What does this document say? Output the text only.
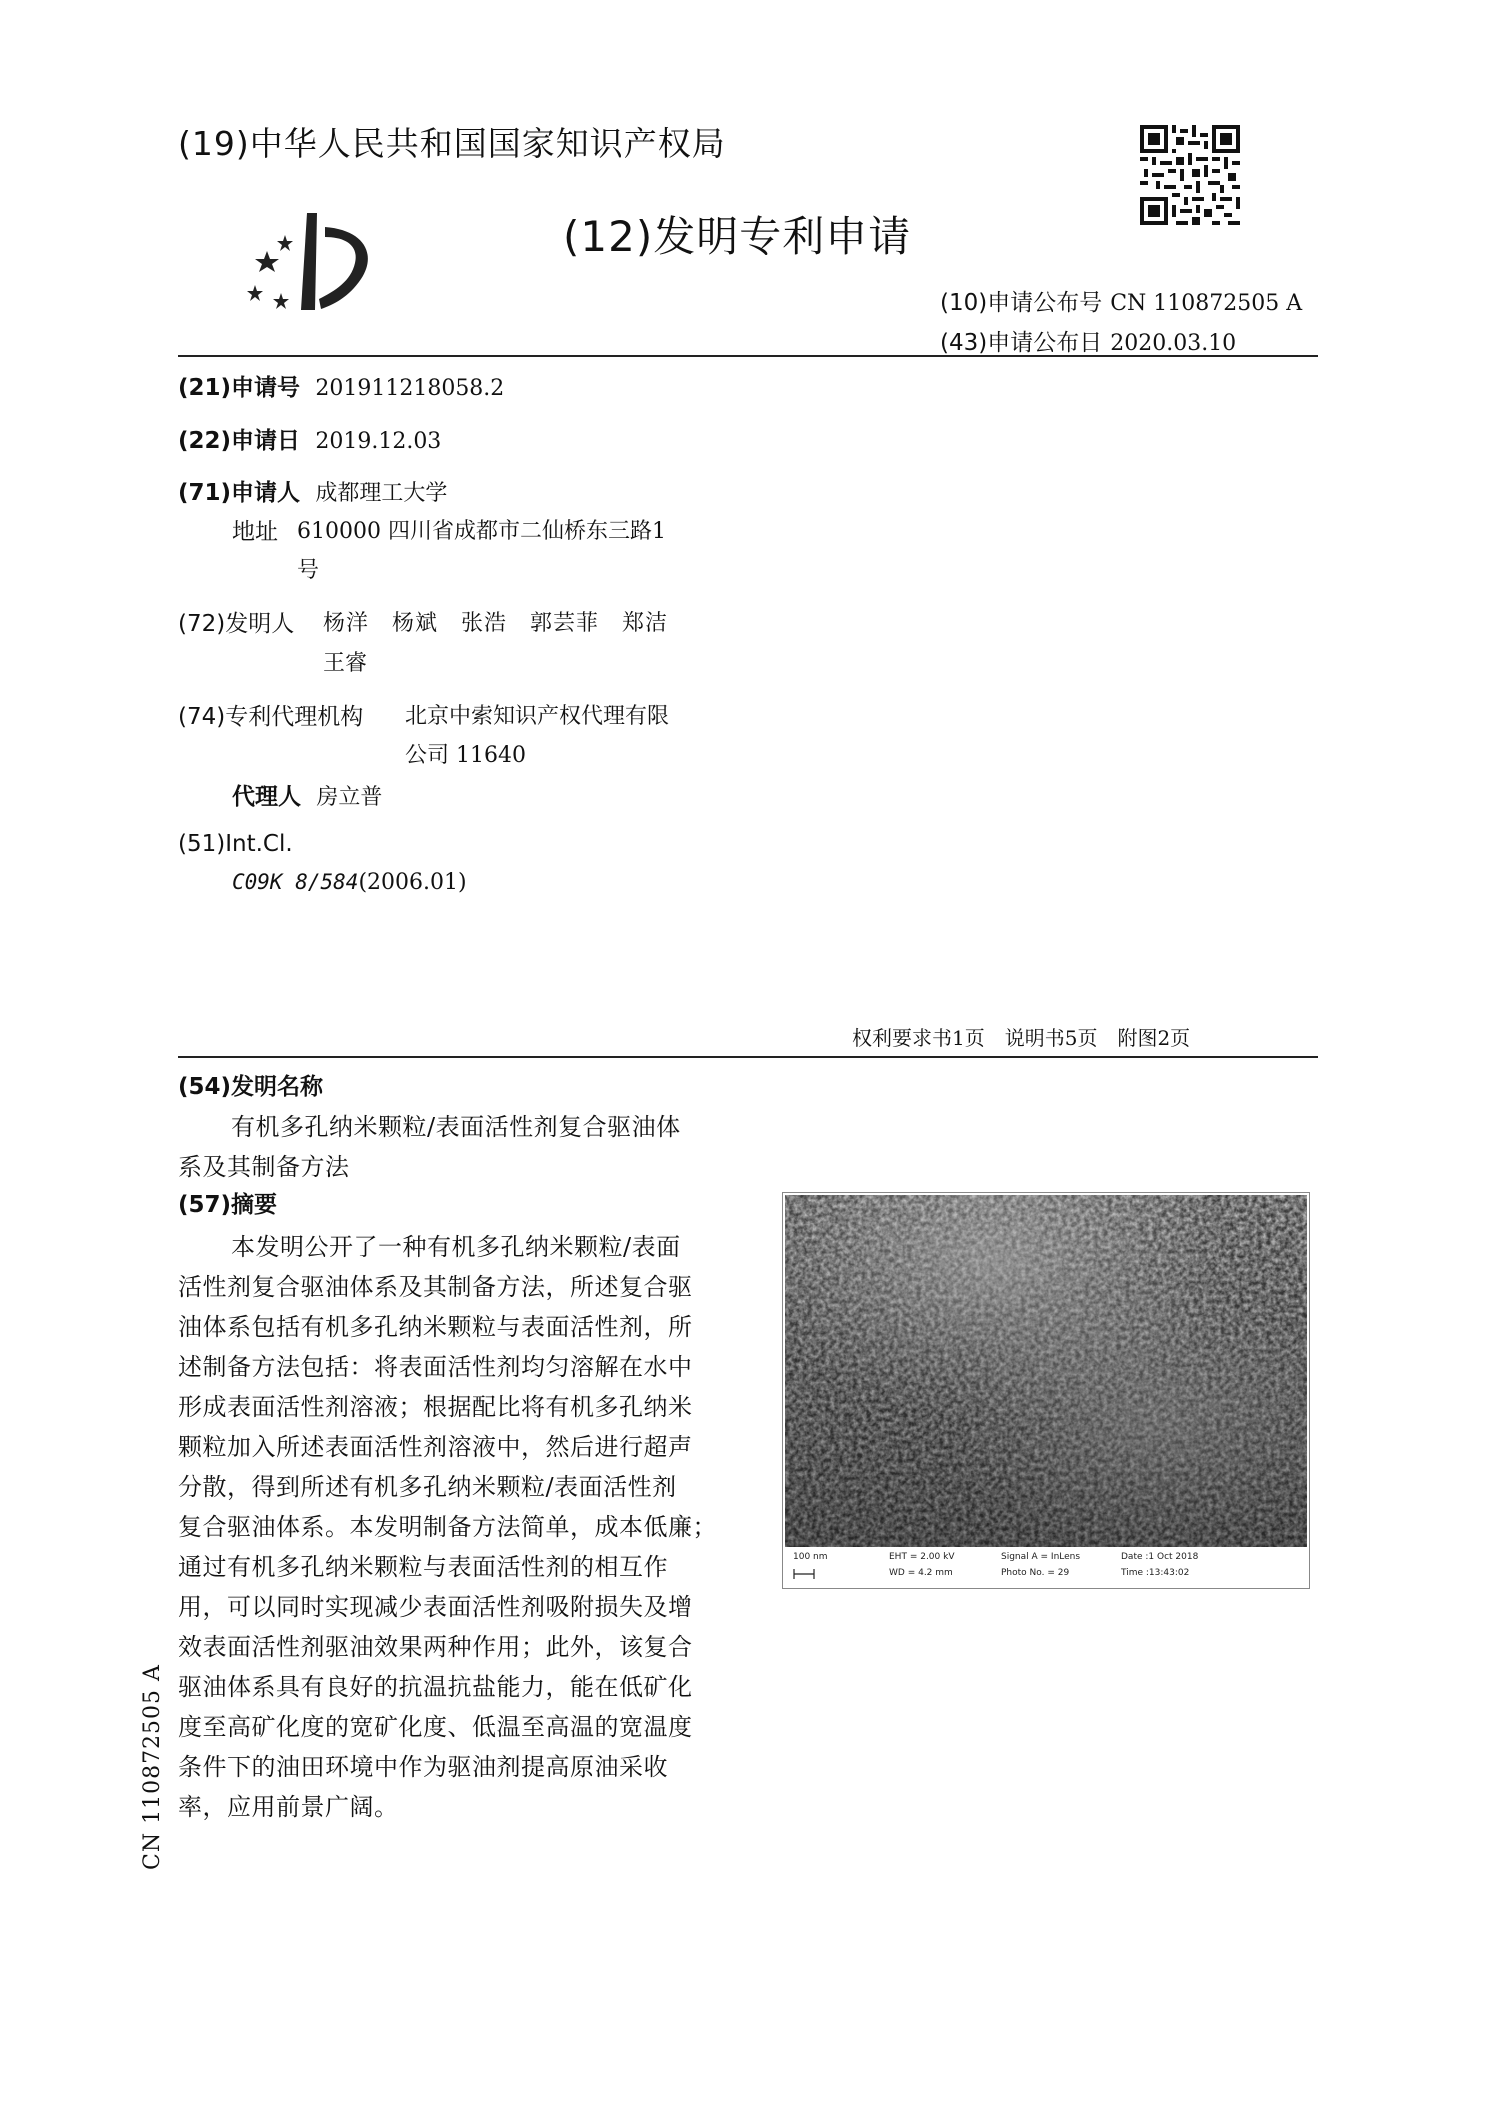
(19)中华人民共和国国家知识产权局
(12)发明专利申请
(10)申请公布号 CN 110872505 A
(43)申请公布日 2020.03.10
(21)申请号 201911218058.2
(22)申请日 2019.12.03
(71)申请人 成都理工大学
地址 610000 四川省成都市二仙桥东三路1
号
(72)发明人 杨洋　杨斌　张浩　郭芸菲　郑洁
王睿
(74)专利代理机构 北京中索知识产权代理有限
公司 11640
代理人 房立普
(51)Int.Cl.
C09K 8/584(2006.01)
权利要求书1页　说明书5页　附图2页
(54)发明名称
有机多孔纳米颗粒/表面活性剂复合驱油体
系及其制备方法
(57)摘要
本发明公开了一种有机多孔纳米颗粒/表面
活性剂复合驱油体系及其制备方法，所述复合驱
油体系包括有机多孔纳米颗粒与表面活性剂，所
述制备方法包括：将表面活性剂均匀溶解在水中
形成表面活性剂溶液；根据配比将有机多孔纳米
颗粒加入所述表面活性剂溶液中，然后进行超声
分散，得到所述有机多孔纳米颗粒/表面活性剂
复合驱油体系。本发明制备方法简单，成本低廉；
通过有机多孔纳米颗粒与表面活性剂的相互作
用，可以同时实现减少表面活性剂吸附损失及增
效表面活性剂驱油效果两种作用；此外，该复合
驱油体系具有良好的抗温抗盐能力，能在低矿化
度至高矿化度的宽矿化度、低温至高温的宽温度
条件下的油田环境中作为驱油剂提高原油采收
率，应用前景广阔。
100 nm	EHT = 2.00 kV
WD = 4.2 mm
Signal A = InLens
Photo No. = 29
Date :1 Oct 2018
Time :13:43:02
CN 110872505 A
